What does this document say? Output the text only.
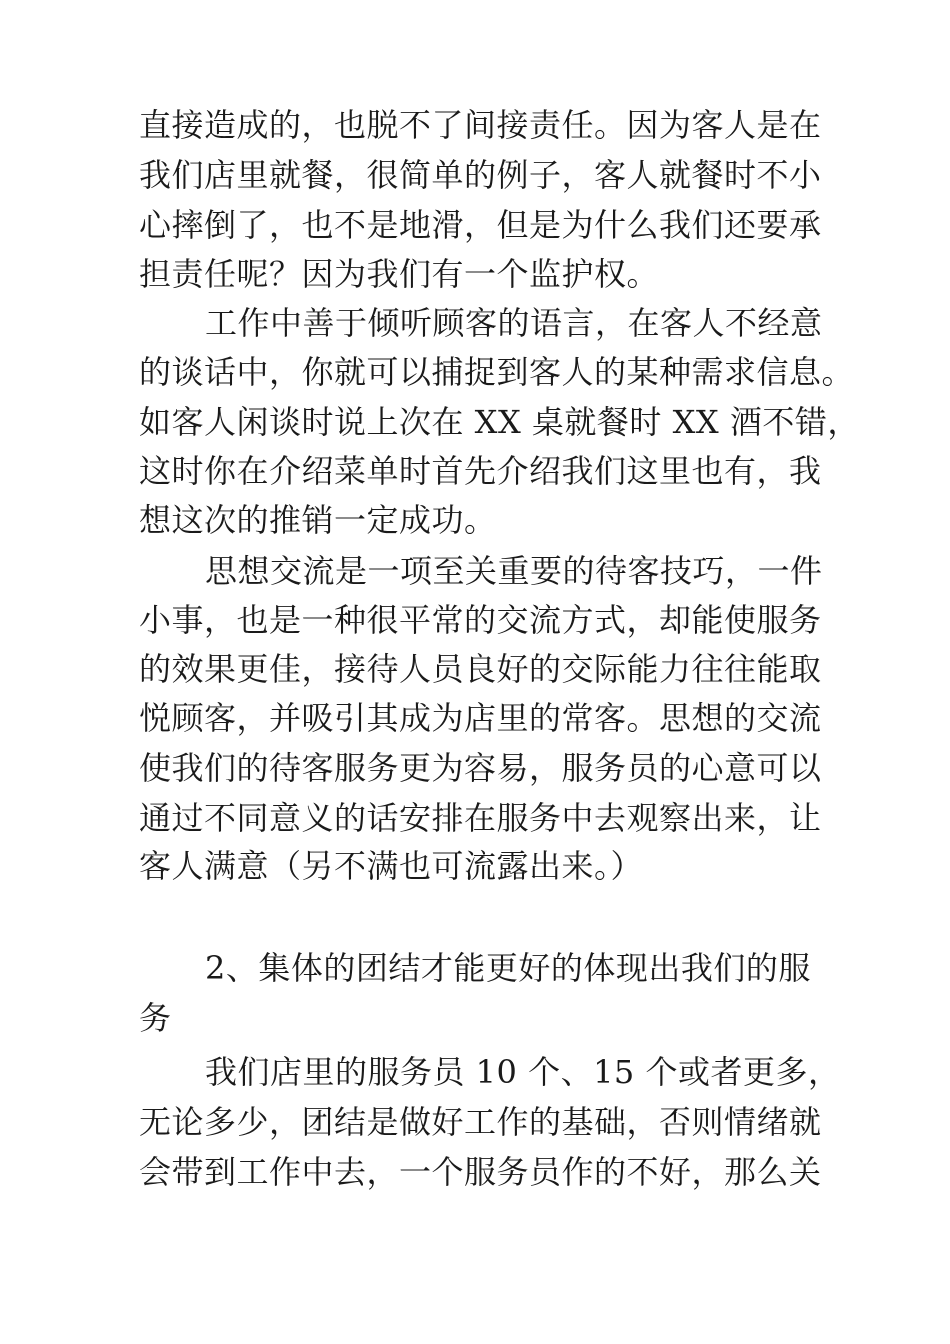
直接造成的，也脱不了间接责任。因为客人是在
我们店里就餐，很简单的例子，客人就餐时不小
心摔倒了，也不是地滑，但是为什么我们还要承
担责任呢？因为我们有一个监护权。
工作中善于倾听顾客的语言，在客人不经意
的谈话中，你就可以捕捉到客人的某种需求信息。
如客人闲谈时说上次在 XX 桌就餐时 XX 酒不错，
这时你在介绍菜单时首先介绍我们这里也有，我
想这次的推销一定成功。
思想交流是一项至关重要的待客技巧，一件
小事，也是一种很平常的交流方式，却能使服务
的效果更佳，接待人员良好的交际能力往往能取
悦顾客，并吸引其成为店里的常客。思想的交流
使我们的待客服务更为容易，服务员的心意可以
通过不同意义的话安排在服务中去观察出来，让
客人满意（另不满也可流露出来。）
2、集体的团结才能更好的体现出我们的服
务
我们店里的服务员 10 个、15 个或者更多，
无论多少，团结是做好工作的基础，否则情绪就
会带到工作中去，一个服务员作的不好，那么关
